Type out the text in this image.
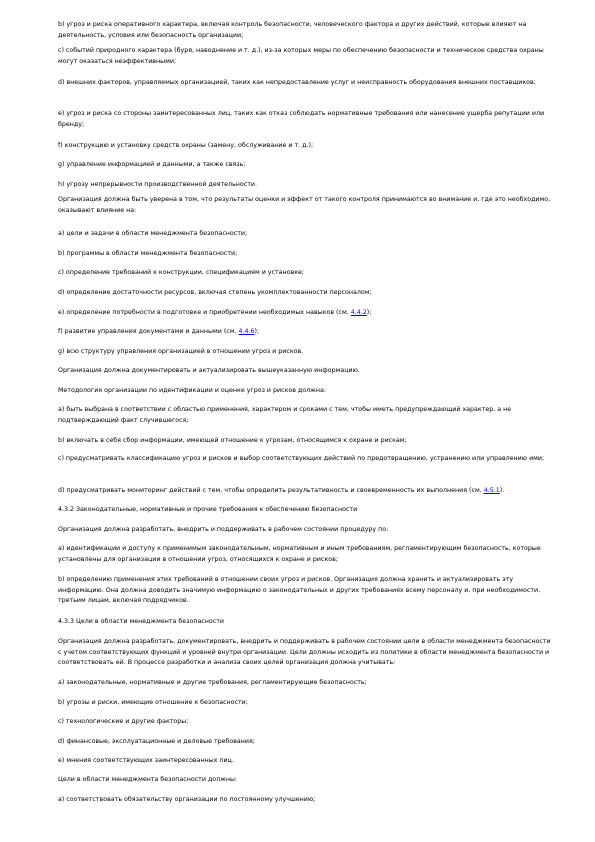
b) угроз и риска оперативного характера, включая контроль безопасности, человеческого фактора и других действий, которые влияют на деятельность, условия или безопасность организации;

c) событий природного характера (буря, наводнение и т. д.), из-за которых меры по обеспечению безопасности и техническое средства охраны могут оказаться неэффективными;

d) внешних факторов, управляемых организацией, таких как непредоставление услуг и неисправность оборудования внешних поставщиков;

e) угроз и риска со стороны заинтересованных лиц, таких как отказ соблюдать нормативные требования или нанесение ущерба репутации или бренду;

f) конструкцию и установку средств охраны (замену, обслуживание и т. д.);

g) управление информацией и данными, а также связь;

h) угрозу непрерывности производственной деятельности.

Организация должна быть уверена в том, что результаты оценки и эффект от такого контроля принимаются во внимание и, где это необходимо, оказывают влияние на:

a) цели и задачи в области менеджмента безопасности;

b) программы в области менеджмента безопасности;

c) определение требований к конструкции, спецификациям и установке;

d) определение достаточности ресурсов, включая степень укомплектованности персоналом;

e) определение потребности в подготовке и приобретении необходимых навыков (см. 4.4.2);

f) развитие управления документами и данными (см. 4.4.6);

g) всю структуру управления организацией в отношении угроз и рисков.

Организация должна документировать и актуализировать вышеуказанную информацию.

Методология организации по идентификации и оценке угроз и рисков должна:

a) быть выбрана в соответствии с областью применения, характером и сроками с тем, чтобы иметь предупреждающий характер, а не подтверждающий факт случившегося;

b) включать в себя сбор информации, имеющей отношение к угрозам, относящимся к охране и рискам;

c) предусматривать классификацию угроз и рисков и выбор соответствующих действий по предотвращению, устранению или управлению ими;

d) предусматривать мониторинг действий с тем, чтобы определить результативность и своевременность их выполнения (см. 4.5.1).

4.3.2 Законодательные, нормативные и прочие требования к обеспечению безопасности

Организация должна разработать, внедрить и поддерживать в рабочем состоянии процедуру по:

a) идентификации и доступу к применимым законодательным, нормативным и иным требованиям, регламентирующим безопасность, которые установлены для организации в отношении угроз, относящихся к охране и рисков;

b) определению применения этих требований в отношении своих угроз и рисков. Организация должна хранить и актуализировать эту информацию. Она должна доводить значимую информацию о законодательных и других требованиях всему персоналу и, при необходимости, третьим лицам, включая подрядчиков.

4.3.3 Цели в области менеджмента безопасности

Организация должна разработать, документировать, внедрить и поддерживать в рабочем состоянии цели в области менеджмента безопасности с учетом соответствующих функций и уровней внутри организации. Цели должны исходить из политики в области менеджмента безопасности и соответствовать ей. В процессе разработки и анализа своих целей организация должна учитывать:

a) законодательные, нормативные и другие требования, регламентирующие безопасность;

b) угрозы и риски, имеющие отношение к безопасности;

c) технологические и другие факторы;

d) финансовые, эксплуатационные и деловые требования;

e) мнения соответствующих заинтересованных лиц.

Цели в области менеджмента безопасности должны:

a) соответствовать обязательству организации по постоянному улучшению;
